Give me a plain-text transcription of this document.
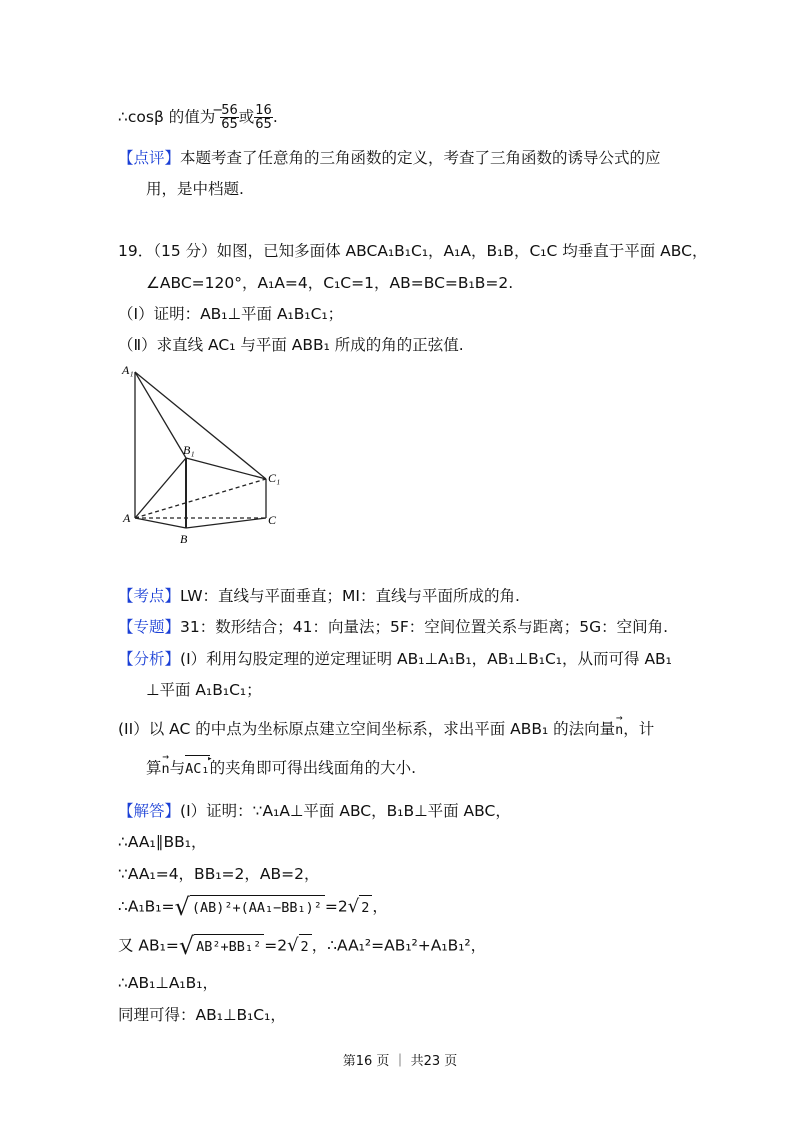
∴cosβ 的值为 −
56
65 或 $\frac{16}{65}$ .
【点评】本题考查了任意角的三角函数的定义，考查了三角函数的诱导公式的应
用，是中档题.
19．（15 分）如图，已知多面体 ABCA₁B₁C₁，A₁A，B₁B，C₁C 均垂直于平面 ABC，
∠ABC=120°，A₁A=4，C₁C=1，AB=BC=B₁B=2.
（Ⅰ）证明：AB₁⊥平面 A₁B₁C₁；
（Ⅱ）求直线 AC₁ 与平面 ABB₁ 所成的角的正弦值.
A₁
B₁
C₁
A
B
C
【考点】LW：直线与平面垂直；MI：直线与平面所成的角.
【专题】31：数形结合；41：向量法；5F：空间位置关系与距离；5G：空间角.
【分析】(I）利用勾股定理的逆定理证明 AB₁⊥A₁B₁，AB₁⊥B₁C₁，从而可得 AB₁
⊥平面 A₁B₁C₁；
(II）以 AC 的中点为坐标原点建立空间坐标系，求出平面 ABB₁ 的法向量→ n，计
算→ n与AC₁ ▸的夹角即可得出线面角的大小.
【解答】(I）证明：∵A₁A⊥平面 ABC，B₁B⊥平面 ABC，
∴AA₁∥BB₁，
∵AA₁=4，BB₁=2，AB=2，
∴A₁B₁=√ (AB)²+(AA₁−BB₁)² =2√ 2 ，
又 AB₁=√ AB²+BB₁² =2√ 2 ，∴AA₁²=AB₁²+A₁B₁²，
∴AB₁⊥A₁B₁，
同理可得：AB₁⊥B₁C₁，
第16 页 ｜ 共23 页
